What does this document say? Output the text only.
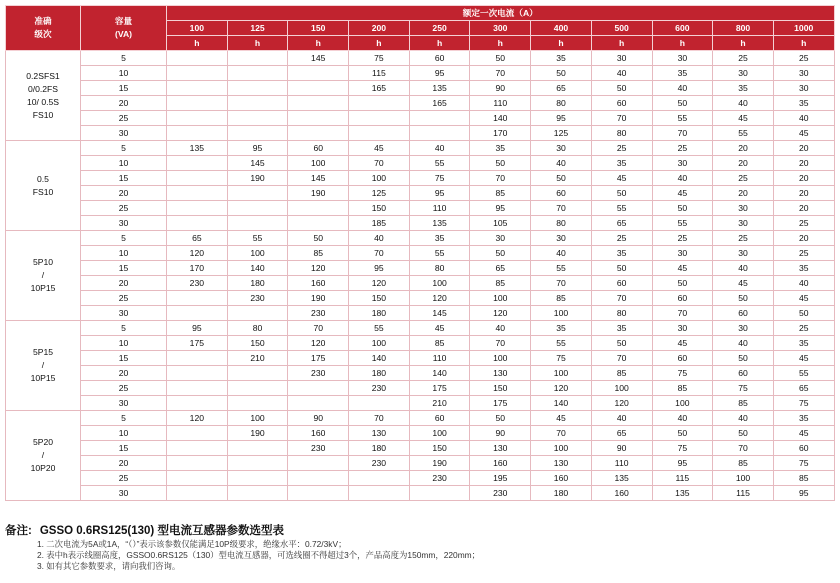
准确
级次	容量
(VA)	额定一次电流（A）										
		100	125	150	200	250	300	400	500	600	800	1000
		h	h	h	h	h	h	h	h	h	h	h
0.2SFS1
0/0.2FS
10/ 0.5S
FS10	5			145	75	60	50	35	30	30	25	25
	10				115	95	70	50	40	35	30	30
	15				165	135	90	65	50	40	35	30
	20					165	110	80	60	50	40	35
	25						140	95	70	55	45	40
	30						170	125	80	70	55	45
0.5
FS10	5	135	95	60	45	40	35	30	25	25	20	20
	10		145	100	70	55	50	40	35	30	20	20
	15		190	145	100	75	70	50	45	40	25	20
	20			190	125	95	85	60	50	45	20	20
	25				150	110	95	70	55	50	30	20
	30				185	135	105	80	65	55	30	25
5P10
/
10P15	5	65	55	50	40	35	30	30	25	25	25	20
	10	120	100	85	70	55	50	40	35	30	30	25
	15	170	140	120	95	80	65	55	50	45	40	35
	20	230	180	160	120	100	85	70	60	50	45	40
	25		230	190	150	120	100	85	70	60	50	45
	30			230	180	145	120	100	80	70	60	50
5P15
/
10P15	5	95	80	70	55	45	40	35	35	30	30	25
	10	175	150	120	100	85	70	55	50	45	40	35
	15		210	175	140	110	100	75	70	60	50	45
	20			230	180	140	130	100	85	75	60	55
	25				230	175	150	120	100	85	75	65
	30					210	175	140	120	100	85	75
5P20
/
10P20	5	120	100	90	70	60	50	45	40	40	40	35
	10		190	160	130	100	90	70	65	50	50	45
	15			230	180	150	130	100	90	75	70	60
	20				230	190	160	130	110	95	85	75
	25					230	195	160	135	115	100	85
	30						230	180	160	135	115	95
备注: GSSO 0.6RS125(130) 型电流互感器参数选型表
1. 二次电流为5A或1A，“（）”表示该参数仅能满足10P级要求，绝缘水平：0.72/3kV；
2. 表中h表示线圈高度，GSSO0.6RS125（130）型电流互感器，可选线圈不得超过3个，产品高度为150mm，220mm；
3. 如有其它参数要求，请向我们咨询。
